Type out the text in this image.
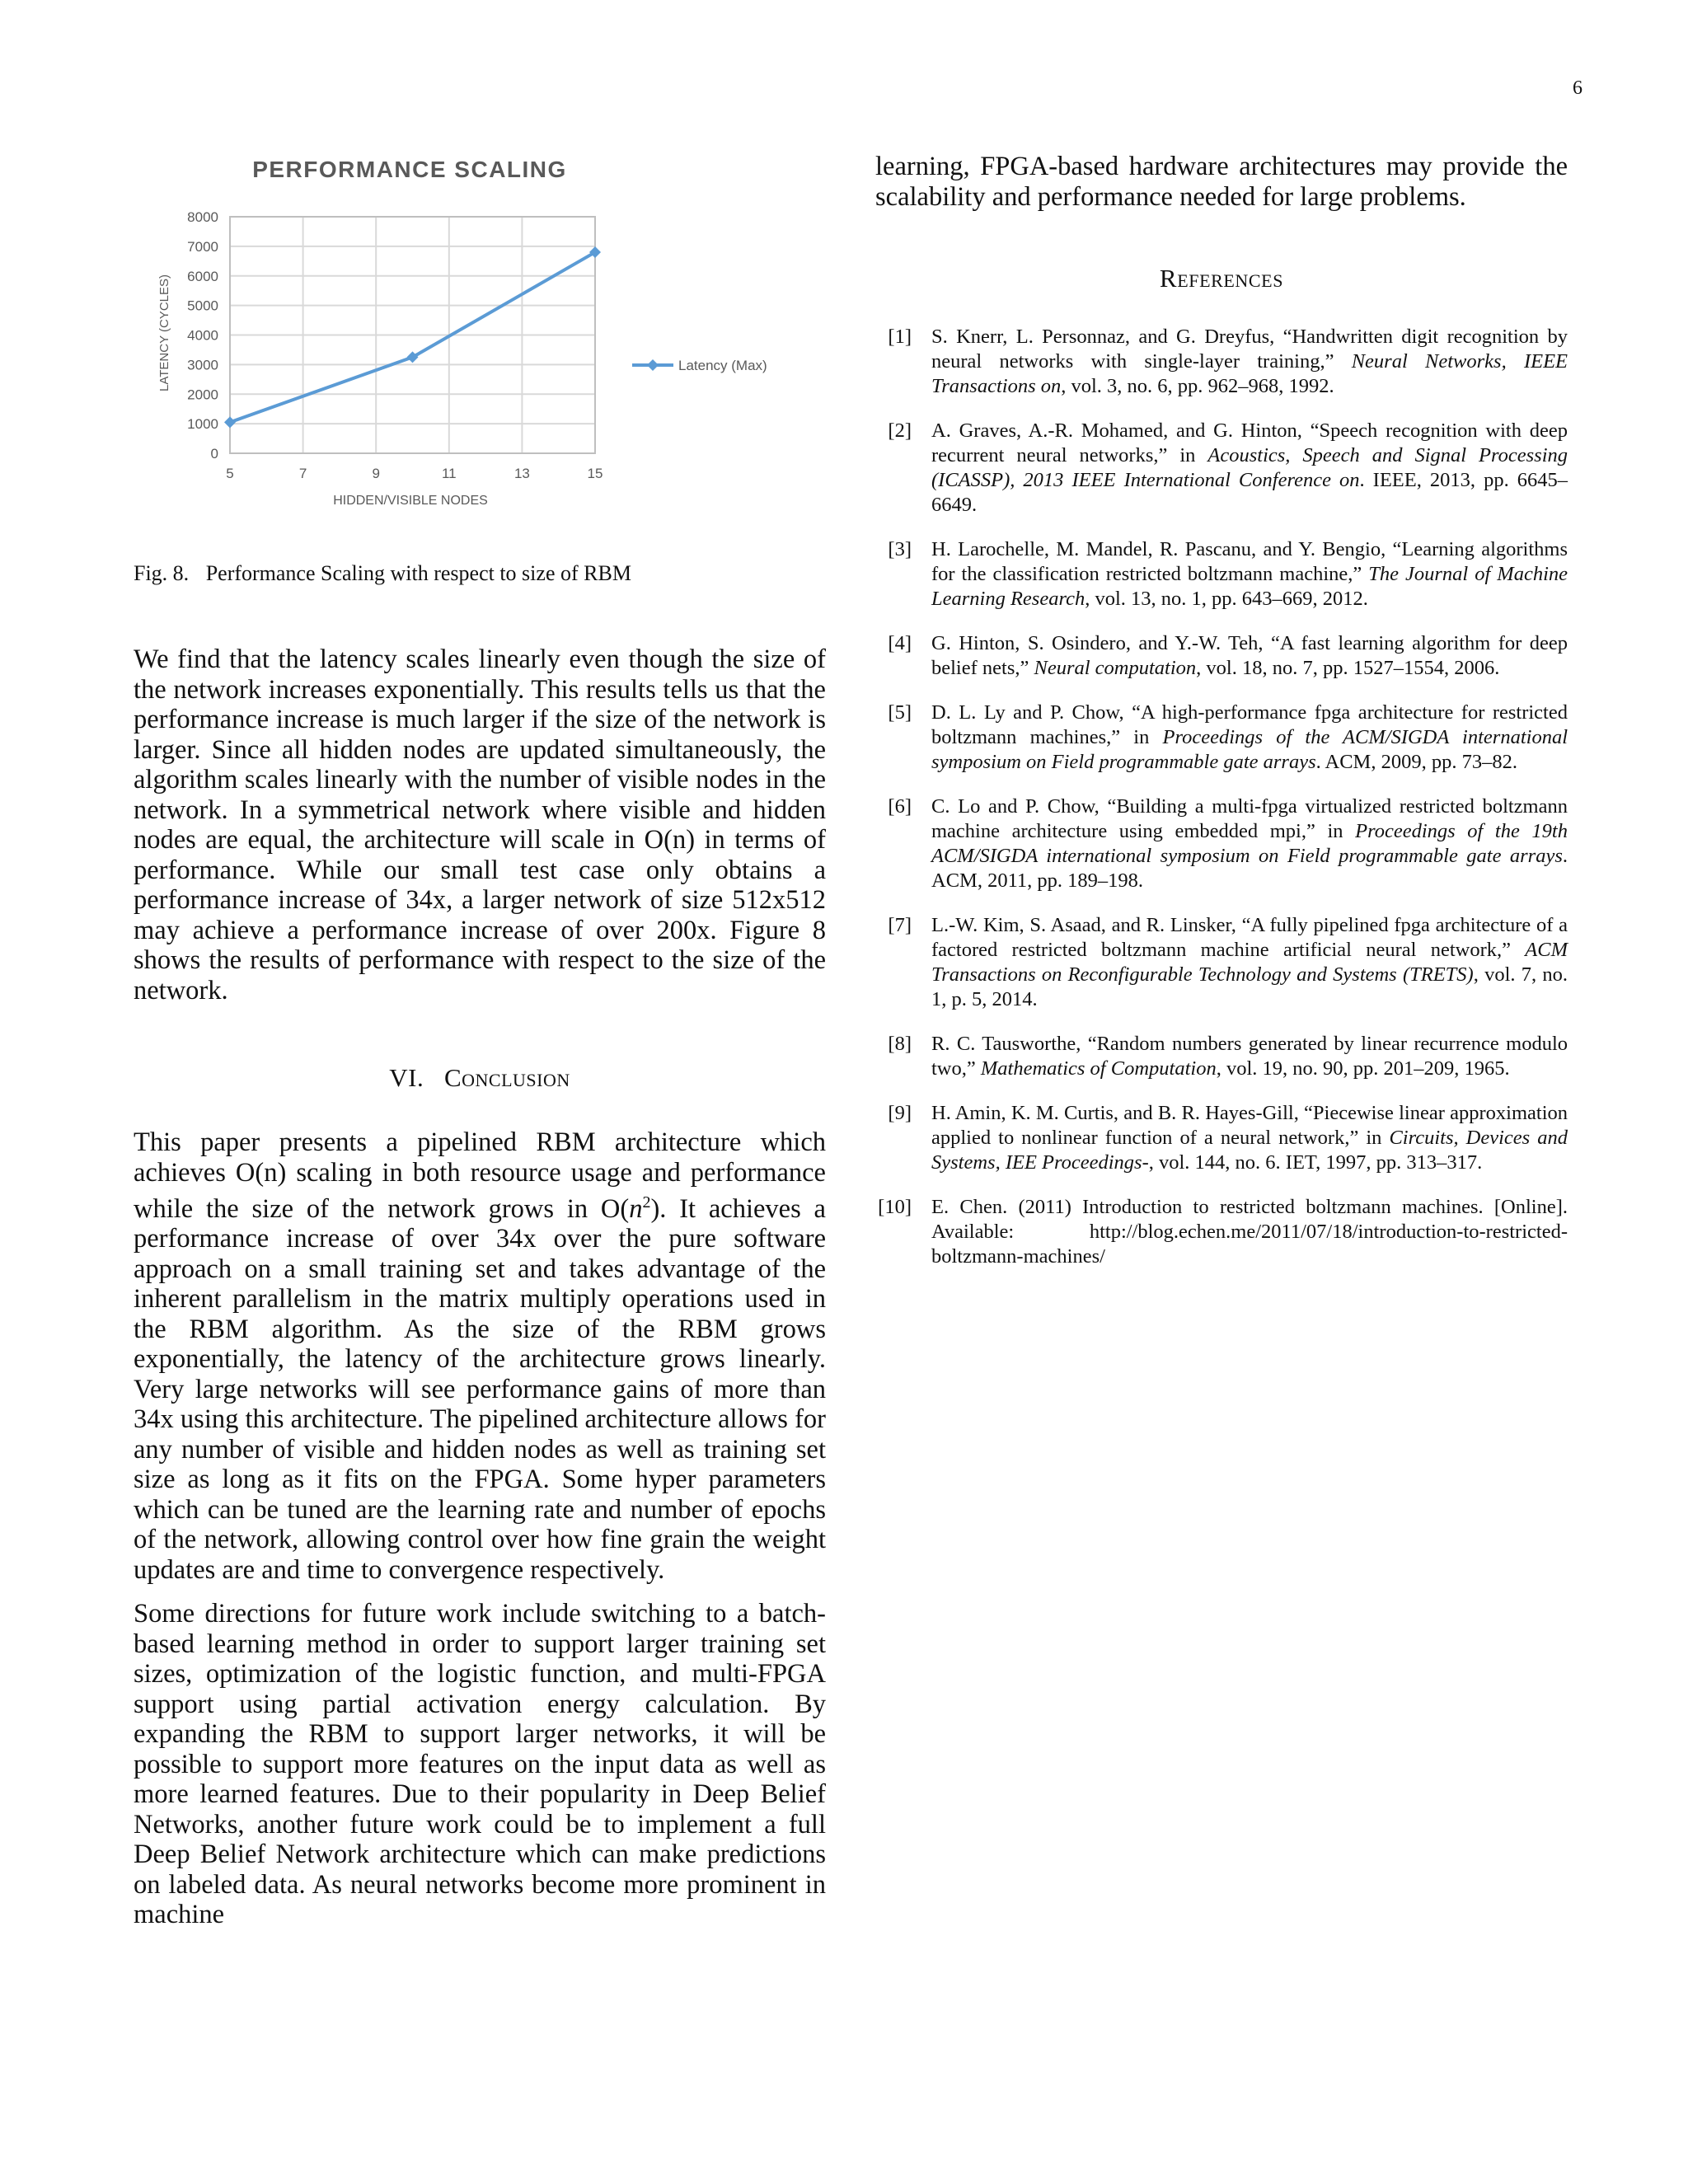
6
PERFORMANCE SCALING
0
1000
2000
3000
4000
5000
6000
7000
8000
5	7	9	11	13	15
LATENCY (CYCLES)
HIDDEN/VISIBLE NODES
Latency (Max)
Fig. 8. Performance Scaling with respect to size of RBM

We find that the latency scales linearly even though the size of the network increases exponentially. This results tells us that the performance increase is much larger if the size of the network is larger. Since all hidden nodes are updated simultaneously, the algorithm scales linearly with the number of visible nodes in the network. In a symmetrical network where visible and hidden nodes are equal, the architecture will scale in O(n) in terms of performance. While our small test case only obtains a performance increase of 34x, a larger network of size 512x512 may achieve a performance increase of over 200x. Figure 8 shows the results of performance with respect to the size of the network.

VI. Conclusion

This paper presents a pipelined RBM architecture which achieves O(n) scaling in both resource usage and performance while the size of the network grows in $O(n^2)$. It achieves a performance increase of over 34x over the pure software approach on a small training set and takes advantage of the inherent parallelism in the matrix multiply operations used in the RBM algorithm. As the size of the RBM grows exponentially, the latency of the architecture grows linearly. Very large networks will see performance gains of more than 34x using this architecture. The pipelined architecture allows for any number of visible and hidden nodes as well as training set size as long as it fits on the FPGA. Some hyper parameters which can be tuned are the learning rate and number of epochs of the network, allowing control over how fine grain the weight updates are and time to convergence respectively.

Some directions for future work include switching to a batch-based learning method in order to support larger training set sizes, optimization of the logistic function, and multi-FPGA support using partial activation energy calculation. By expanding the RBM to support larger networks, it will be possible to support more features on the input data as well as more learned features. Due to their popularity in Deep Belief Networks, another future work could be to implement a full Deep Belief Network architecture which can make predictions on labeled data. As neural networks become more prominent in machine

learning, FPGA-based hardware architectures may provide the scalability and performance needed for large problems.

References
[1] S. Knerr, L. Personnaz, and G. Dreyfus, “Handwritten digit recognition by neural networks with single-layer training,” Neural Networks, IEEE Transactions on, vol. 3, no. 6, pp. 962–968, 1992.
[2] A. Graves, A.-R. Mohamed, and G. Hinton, “Speech recognition with deep recurrent neural networks,” in Acoustics, Speech and Signal Processing (ICASSP), 2013 IEEE International Conference on. IEEE, 2013, pp. 6645–6649.
[3] H. Larochelle, M. Mandel, R. Pascanu, and Y. Bengio, “Learning algorithms for the classification restricted boltzmann machine,” The Journal of Machine Learning Research, vol. 13, no. 1, pp. 643–669, 2012.
[4] G. Hinton, S. Osindero, and Y.-W. Teh, “A fast learning algorithm for deep belief nets,” Neural computation, vol. 18, no. 7, pp. 1527–1554, 2006.
[5] D. L. Ly and P. Chow, “A high-performance fpga architecture for restricted boltzmann machines,” in Proceedings of the ACM/SIGDA international symposium on Field programmable gate arrays. ACM, 2009, pp. 73–82.
[6] C. Lo and P. Chow, “Building a multi-fpga virtualized restricted boltzmann machine architecture using embedded mpi,” in Proceedings of the 19th ACM/SIGDA international symposium on Field programmable gate arrays. ACM, 2011, pp. 189–198.
[7] L.-W. Kim, S. Asaad, and R. Linsker, “A fully pipelined fpga architecture of a factored restricted boltzmann machine artificial neural network,” ACM Transactions on Reconfigurable Technology and Systems (TRETS), vol. 7, no. 1, p. 5, 2014.
[8] R. C. Tausworthe, “Random numbers generated by linear recurrence modulo two,” Mathematics of Computation, vol. 19, no. 90, pp. 201–209, 1965.
[9] H. Amin, K. M. Curtis, and B. R. Hayes-Gill, “Piecewise linear approximation applied to nonlinear function of a neural network,” in Circuits, Devices and Systems, IEE Proceedings-, vol. 144, no. 6. IET, 1997, pp. 313–317.
[10] E. Chen. (2011) Introduction to restricted boltzmann machines. [Online]. Available: http://blog.echen.me/2011/07/18/introduction-to-restricted-boltzmann-machines/
